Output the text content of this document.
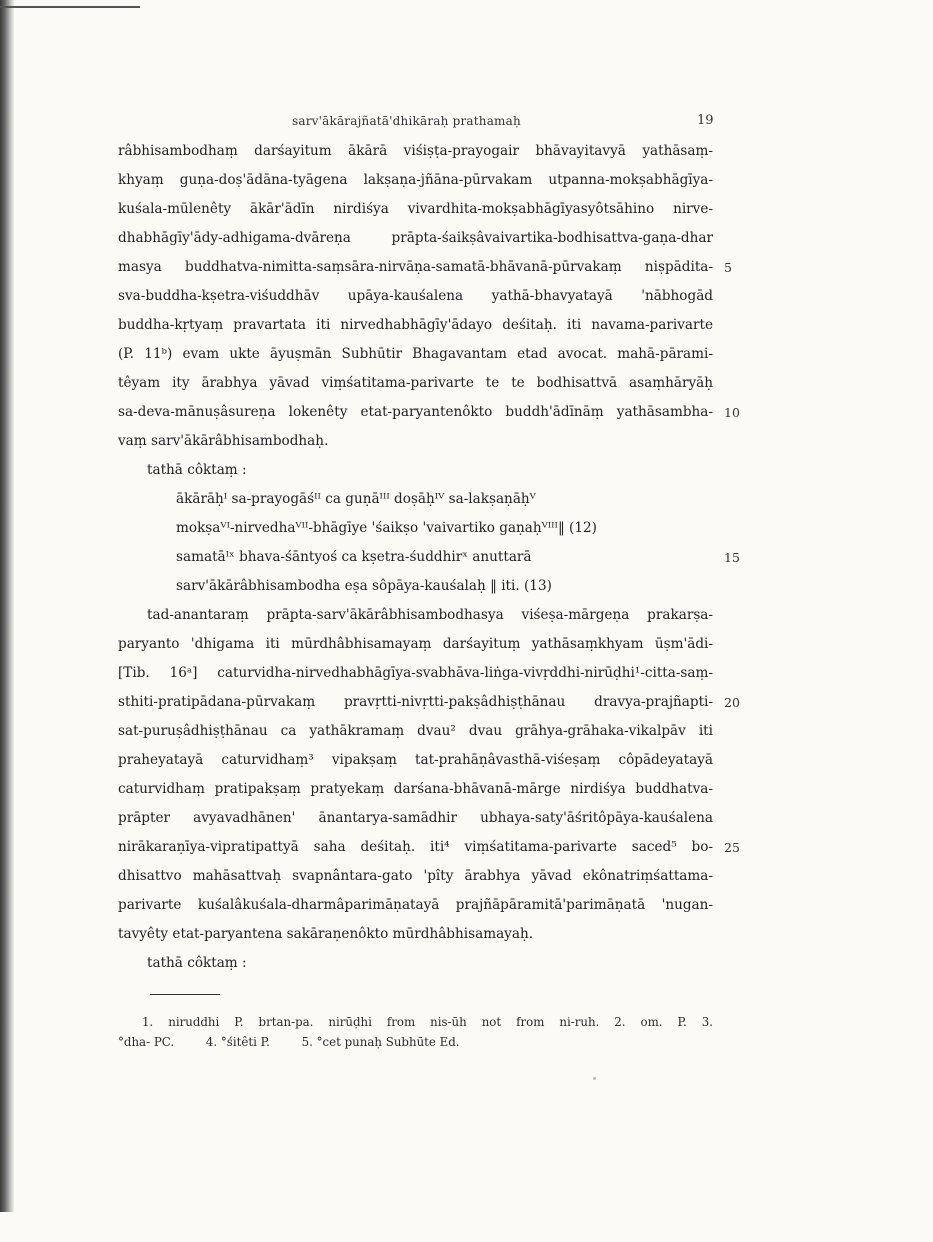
sarv'ākārajñatā'dhikāraḥ prathamaḥ	19
râbhisambodhaṃ darśayitum ākārā viśiṣṭa-prayogair bhāvayitavyā yathāsaṃ-
khyaṃ guṇa-doṣ'ādāna-tyāgena lakṣaṇa-jñāna-pūrvakam utpanna-mokṣabhāgīya-
kuśala-mūlenêty ākār'ādīn nirdiśya vivardhita-mokṣabhāgīyasyôtsāhino nirve-
dhabhāgīy'ādy-adhigama-dvāreṇa prāpta-śaikṣâvaivartika-bodhisattva-gaṇa-dhar
masya buddhatva-nimitta-saṃsāra-nirvāṇa-samatā-bhāvanā-pūrvakaṃ niṣpādita-
sva-buddha-kṣetra-viśuddhāv upāya-kauśalena yathā-bhavyatayā 'nābhogād
buddha-kṛtyaṃ pravartata iti nirvedhabhāgīy'ādayo deśitaḥ. iti navama-parivarte
(P. 11ᵇ) evam ukte āyuṣmān Subhūtir Bhagavantam etad avocat. mahā-pārami-
têyam ity ārabhya yāvad viṃśatitama-parivarte te te bodhisattvā asaṃhāryāḥ
sa-deva-mānuṣâsureṇa lokenêty etat-paryantenôkto buddh'ādīnāṃ yathāsambha-
vaṃ sarv'ākārâbhisambodhaḥ.
tathā côktaṃ :
ākārāḥᴵ sa-prayogāśᴵᴵ ca guṇāᴵᴵᴵ doṣāḥᴵⱽ sa-lakṣaṇāḥⱽ
mokṣaⱽᴵ-nirvedhaⱽᴵᴵ-bhāgīye 'śaikṣo 'vaivartiko gaṇaḥⱽᴵᴵᴵ‖ (12)
samatāᴵˣ bhava-śāntyoś ca kṣetra-śuddhirˣ anuttarā
sarv'ākārâbhisambodha eṣa sôpāya-kauśalaḥ ‖ iti. (13)
tad-anantaraṃ prāpta-sarv'ākārâbhisambodhasya viśeṣa-mārgeṇa prakarṣa-
paryanto 'dhigama iti mūrdhâbhisamayaṃ darśayituṃ yathāsaṃkhyam ūṣm'ādi-
[Tib. 16ᵃ] caturvidha-nirvedhabhāgīya-svabhāva-liṅga-vivṛddhi-nirūḍhi¹-citta-saṃ-
sthiti-pratipādana-pūrvakaṃ pravṛtti-nivṛtti-pakṣâdhiṣṭhānau dravya-prajñapti-
sat-puruṣâdhiṣṭhānau ca yathākramaṃ dvau² dvau grāhya-grāhaka-vikalpāv iti
praheyatayā caturvidhaṃ³ vipakṣaṃ tat-prahāṇâvasthā-viśeṣaṃ côpādeyatayā
caturvidhaṃ pratipakṣaṃ pratyekaṃ darśana-bhāvanā-mārge nirdiśya buddhatva-
prāpter avyavadhānen' ānantarya-samādhir ubhaya-saty'āśritôpāya-kauśalena
nirākaraṇīya-vipratipattyā saha deśitaḥ. iti⁴ viṃśatitama-parivarte saced⁵ bo-
dhisattvo mahāsattvaḥ svapnântara-gato 'pîty ārabhya yāvad ekônatriṃśattama-
parivarte kuśalâkuśala-dharmâparimāṇatayā prajñāpāramitā'parimāṇatā 'nugan-
tavyêty etat-paryantena sakāraṇenôkto mūrdhâbhisamayaḥ.
tathā côktaṃ :
5
10
15
20
25
1. niruddhi P. brtan-pa. nirūḍhi from nis-ūh not from ni-ruh. 2. om. P. 3.
°dha- PC.	4. °śitêti P.	5. °cet punaḥ Subhūte Ed.
